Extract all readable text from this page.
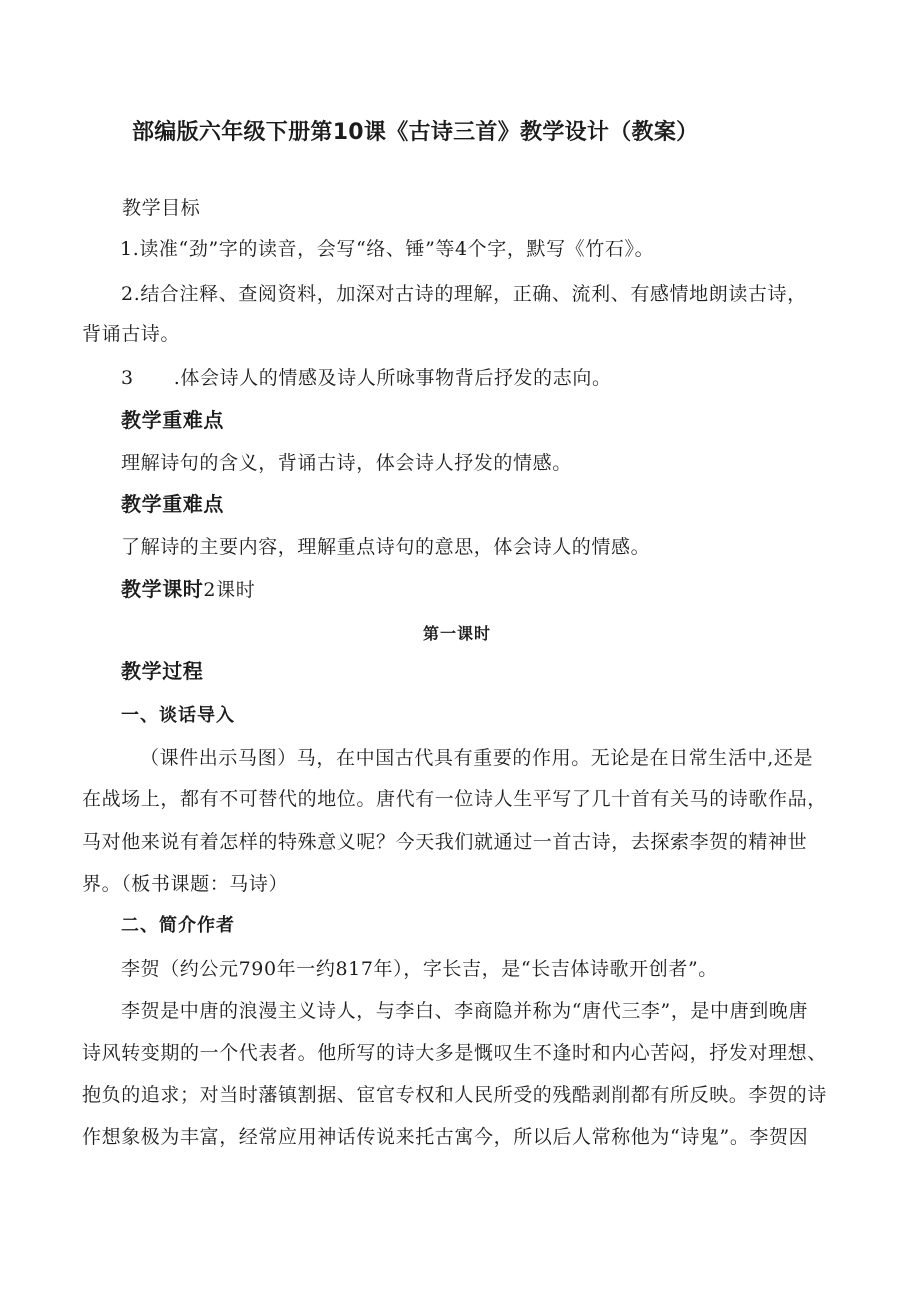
部编版六年级下册第10课《古诗三首》教学设计（教案）
教学目标
1.读准“劲”字的读音，会写“络、锤”等4个字，默写《竹石》。
2.结合注释、查阅资料，加深对古诗的理解，正确、流利、有感情地朗读古诗，
背诵古诗。
3 .体会诗人的情感及诗人所咏事物背后抒发的志向。
教学重难点
理解诗句的含义，背诵古诗，体会诗人抒发的情感。
教学重难点
了解诗的主要内容，理解重点诗句的意思，体会诗人的情感。
教学课时2课时
第一课时
教学过程
一、谈话导入
（课件出示马图）马，在中国古代具有重要的作用。无论是在日常生活中,还是
在战场上，都有不可替代的地位。唐代有一位诗人生平写了几十首有关马的诗歌作品，
马对他来说有着怎样的特殊意义呢？今天我们就通过一首古诗，去探索李贺的精神世
界。（板书课题：马诗）
二、简介作者
李贺（约公元790年一约817年），字长吉，是“长吉体诗歌开创者”。
李贺是中唐的浪漫主义诗人，与李白、李商隐并称为“唐代三李”，是中唐到晚唐
诗风转变期的一个代表者。他所写的诗大多是慨叹生不逢时和内心苦闷，抒发对理想、
抱负的追求；对当时藩镇割据、宦官专权和人民所受的残酷剥削都有所反映。李贺的诗
作想象极为丰富，经常应用神话传说来托古寓今，所以后人常称他为“诗鬼”。李贺因
